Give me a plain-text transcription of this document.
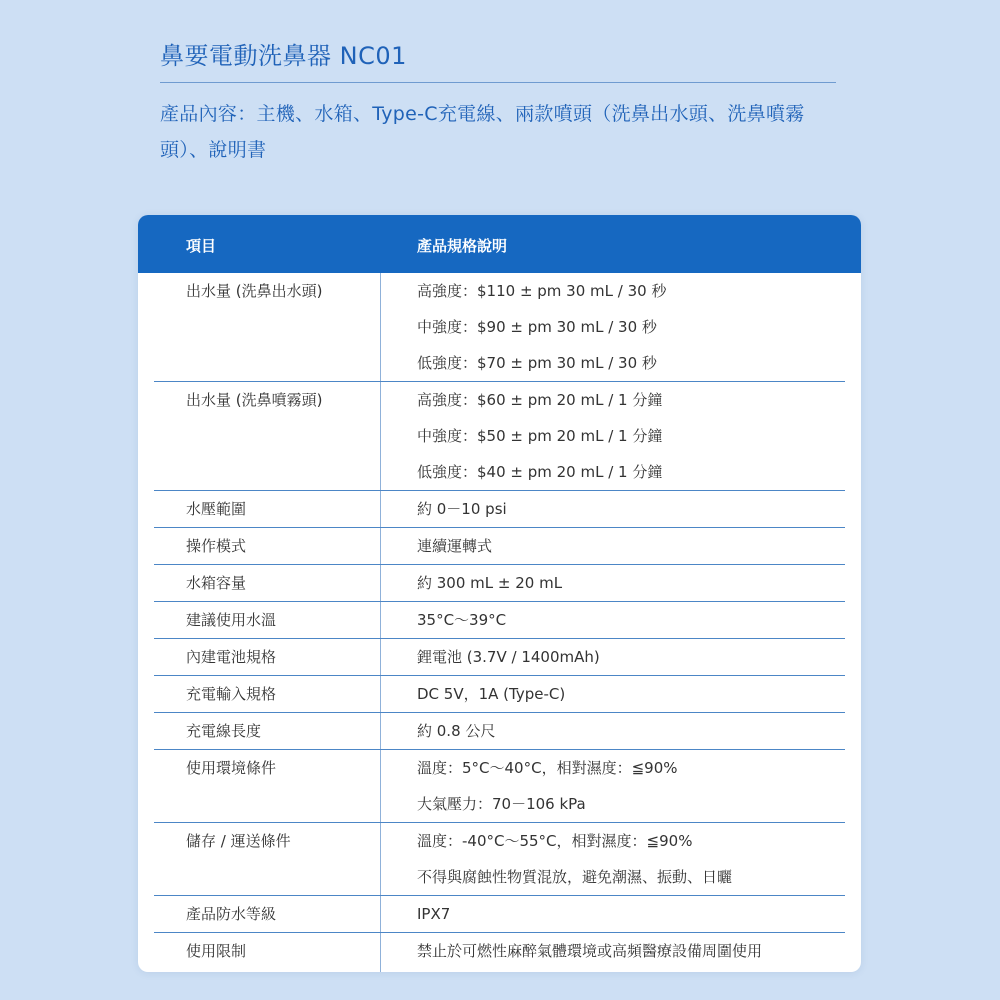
鼻要電動洗鼻器 NC01
產品內容：主機、水箱、Type-C充電線、兩款噴頭（洗鼻出水頭、洗鼻噴霧頭）、說明書
項目	產品規格說明
出水量 (洗鼻出水頭)	高強度：$110 ± pm 30 mL / 30 秒
中強度：$90 ± pm 30 mL / 30 秒
低強度：$70 ± pm 30 mL / 30 秒
出水量 (洗鼻噴霧頭)	高強度：$60 ± pm 20 mL / 1 分鐘
中強度：$50 ± pm 20 mL / 1 分鐘
低強度：$40 ± pm 20 mL / 1 分鐘
水壓範圍	約 0－10 psi
操作模式	連續運轉式
水箱容量	約 300 mL ± 20 mL
建議使用水溫	35°C～39°C
內建電池規格	鋰電池 (3.7V / 1400mAh)
充電輸入規格	DC 5V，1A (Type-C)
充電線長度	約 0.8 公尺
使用環境條件	溫度：5°C～40°C，相對濕度：≦90%
大氣壓力：70－106 kPa
儲存 / 運送條件	溫度：-40°C～55°C，相對濕度：≦90%
不得與腐蝕性物質混放，避免潮濕、振動、日曬
產品防水等級	IPX7
使用限制	禁止於可燃性麻醉氣體環境或高頻醫療設備周圍使用
